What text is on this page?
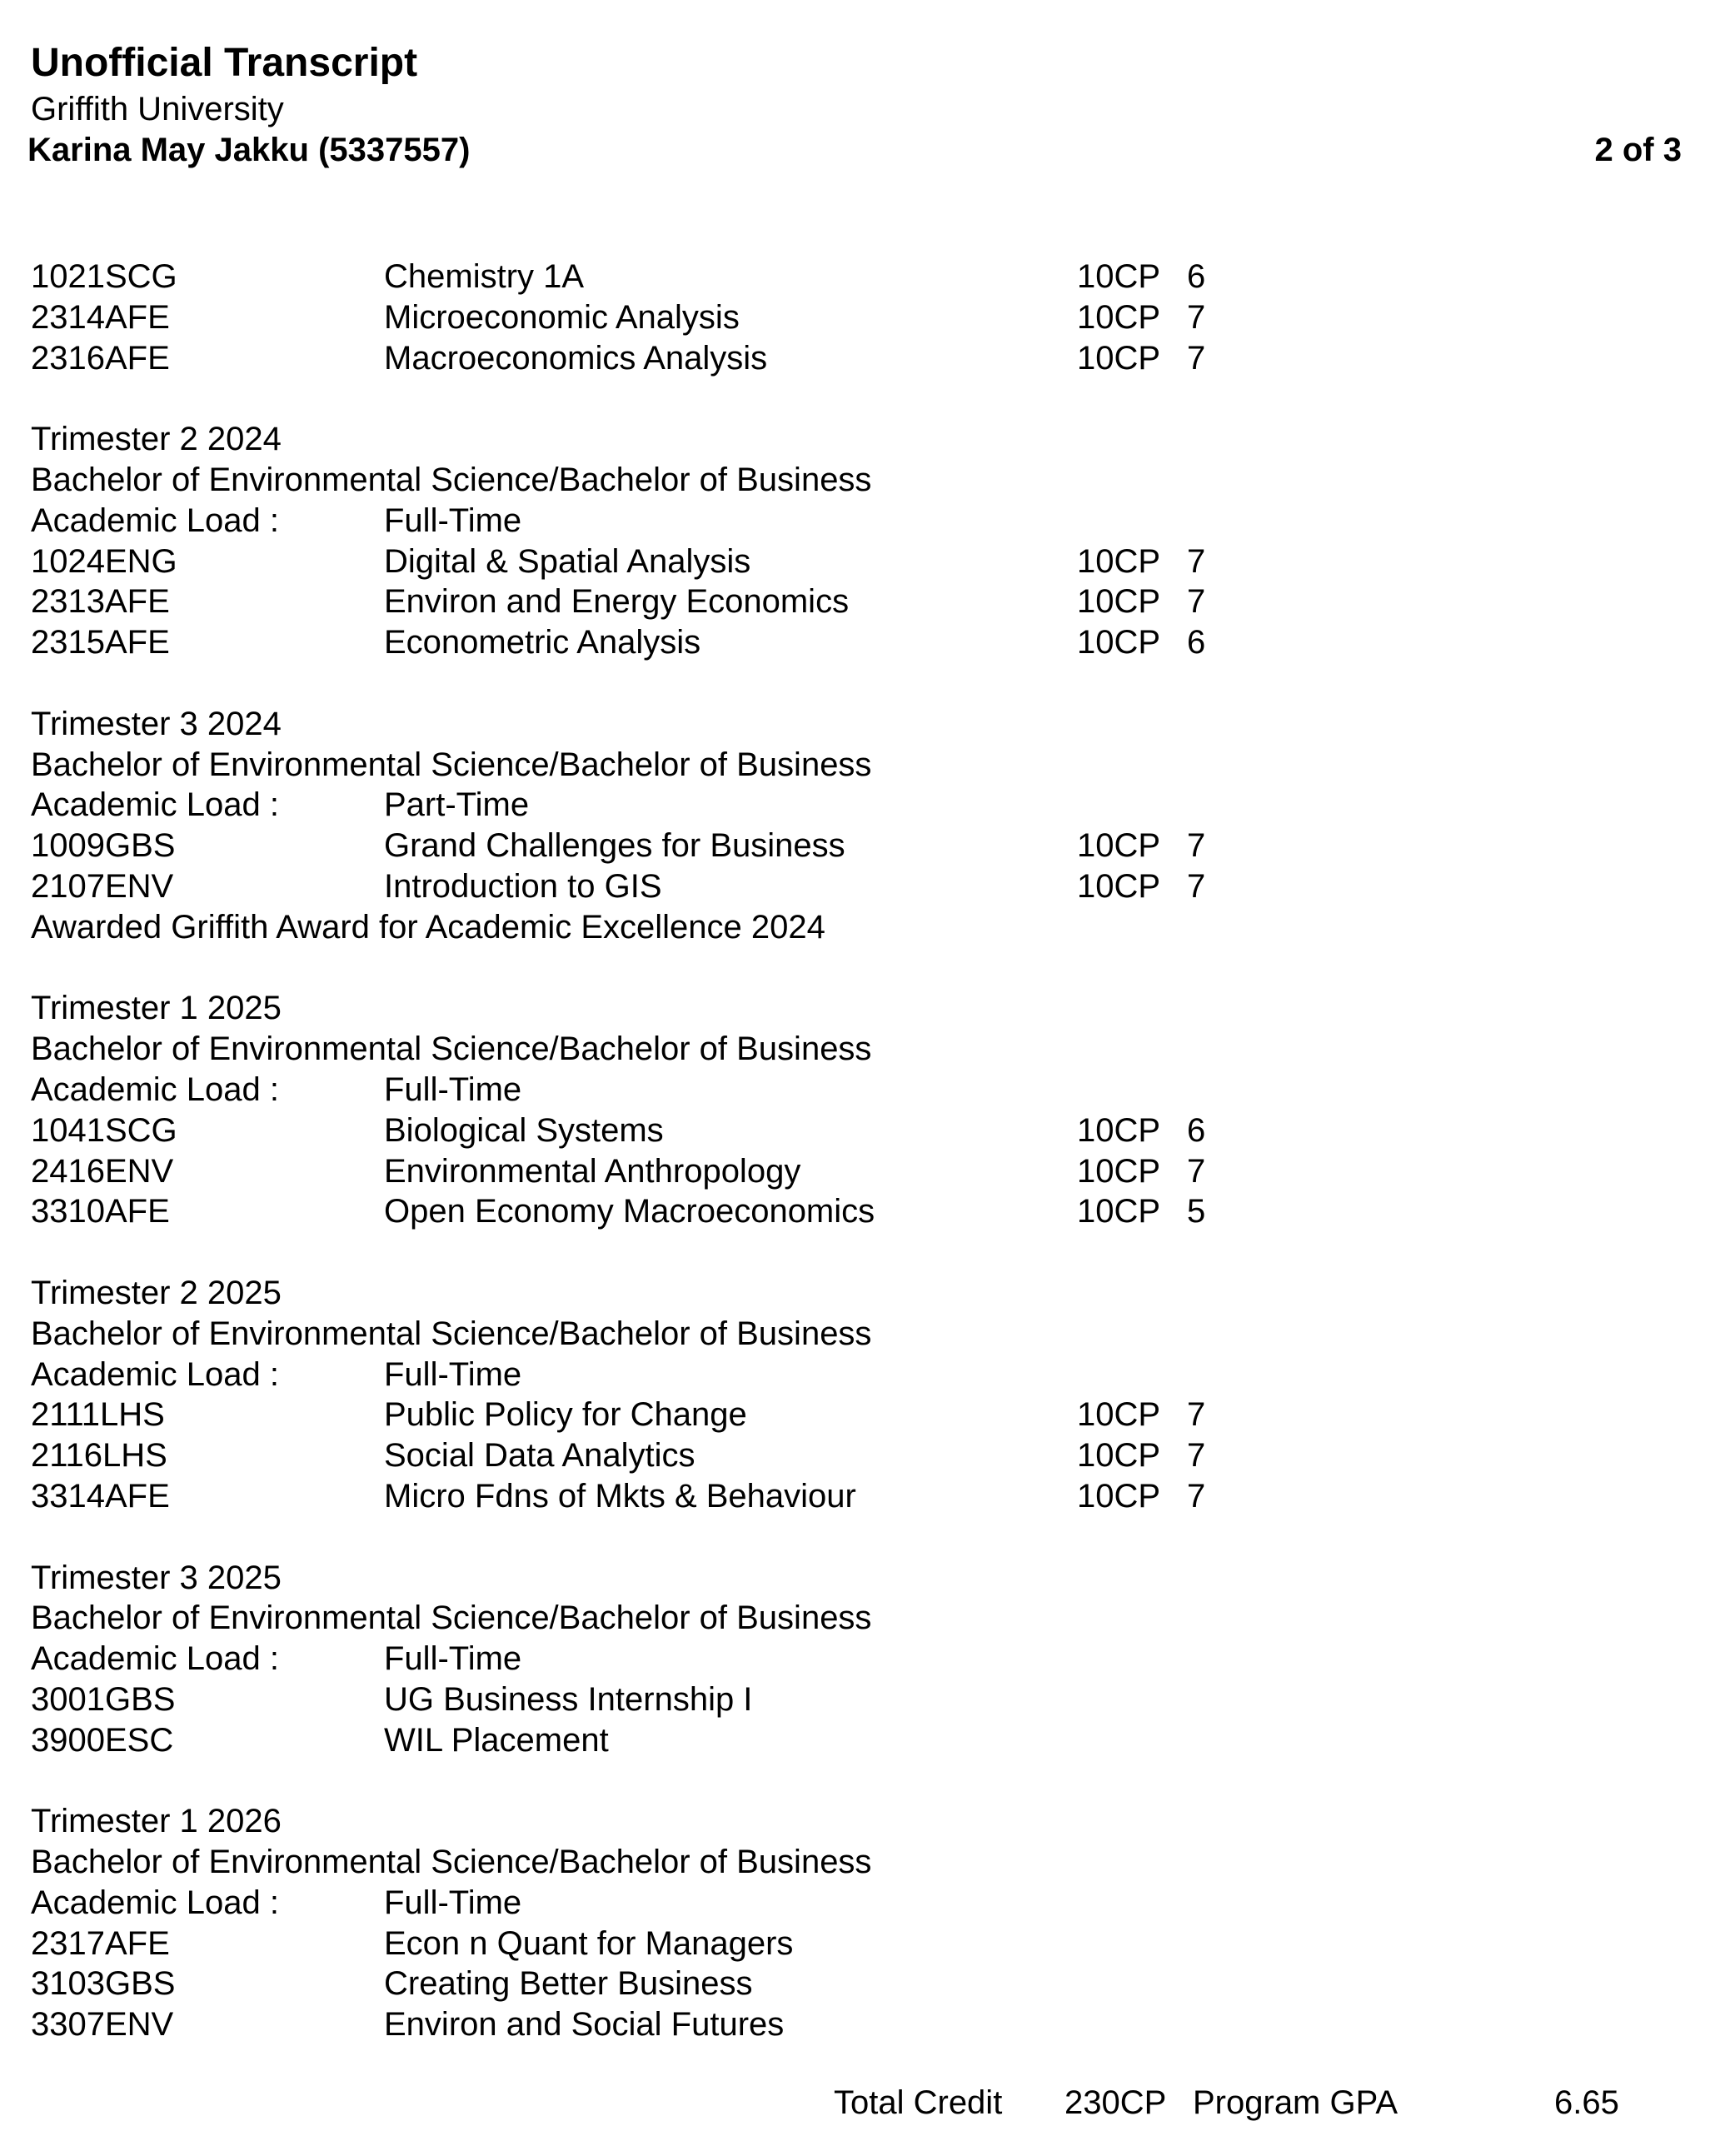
Unofficial Transcript
Griffith University
Karina May Jakku (5337557)	2 of 3
1021SCG	Chemistry 1A	10CP 6
2314AFE	Microeconomic Analysis	10CP 7
2316AFE	Macroeconomics Analysis	10CP 7
Trimester 2 2024
Bachelor of Environmental Science/Bachelor of Business
Academic Load :	Full-Time
1024ENG	Digital & Spatial Analysis	10CP 7
2313AFE	Environ and Energy Economics	10CP 7
2315AFE	Econometric Analysis	10CP 6
Trimester 3 2024
Bachelor of Environmental Science/Bachelor of Business
Academic Load :	Part-Time
1009GBS	Grand Challenges for Business	10CP 7
2107ENV	Introduction to GIS	10CP 7
Awarded Griffith Award for Academic Excellence 2024
Trimester 1 2025
Bachelor of Environmental Science/Bachelor of Business
Academic Load :	Full-Time
1041SCG	Biological Systems	10CP 6
2416ENV	Environmental Anthropology	10CP 7
3310AFE	Open Economy Macroeconomics	10CP 5
Trimester 2 2025
Bachelor of Environmental Science/Bachelor of Business
Academic Load :	Full-Time
2111LHS	Public Policy for Change	10CP 7
2116LHS	Social Data Analytics	10CP 7
3314AFE	Micro Fdns of Mkts & Behaviour	10CP 7
Trimester 3 2025
Bachelor of Environmental Science/Bachelor of Business
Academic Load :	Full-Time
3001GBS	UG Business Internship I
3900ESC	WIL Placement
Trimester 1 2026
Bachelor of Environmental Science/Bachelor of Business
Academic Load :	Full-Time
2317AFE	Econ n Quant for Managers
3103GBS	Creating Better Business
3307ENV	Environ and Social Futures
Total Credit 230CP Program GPA	6.65
